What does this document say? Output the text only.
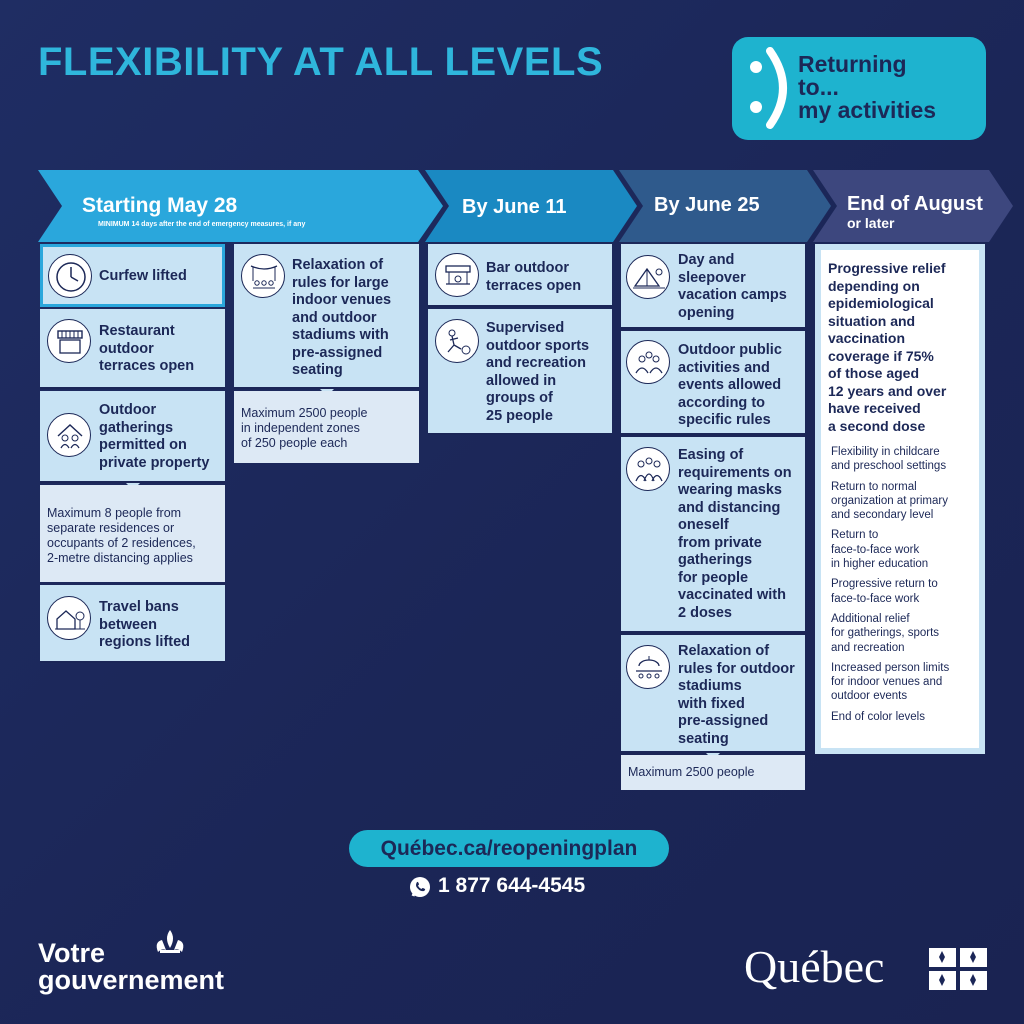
FLEXIBILITY AT ALL LEVELS	Returning
to...
my activities
Starting May 28
MINIMUM 14 days after the end of emergency measures, if any
By June 11	By June 25	End of August
or later
Curfew lifted
Restaurant
outdoor
terraces open
Outdoor
gatherings
permitted on
private property
Maximum 8 people from
separate residences or
occupants of 2 residences,
2-metre distancing applies
Travel bans
between
regions lifted
Relaxation of
rules for large
indoor venues
and outdoor
stadiums with
pre-assigned
seating
Maximum 2500 people
in independent zones
of 250 people each
Bar outdoor
terraces open
Supervised
outdoor sports
and recreation
allowed in
groups of
25 people
Day and
sleepover
vacation camps
opening
Outdoor public
activities and
events allowed
according to
specific rules
Easing of
requirements on
wearing masks
and distancing
oneself
from private
gatherings
for people
vaccinated with
2 doses
Relaxation of
rules for outdoor
stadiums
with fixed
pre-assigned
seating
Maximum 2500 people
Progressive relief
depending on
epidemiological
situation and
vaccination
coverage if 75%
of those aged
12 years and over
have received
a second dose
Flexibility in childcare
and preschool settings
Return to normal
organization at primary
and secondary level
Return to
face-to-face work
in higher education
Progressive return to
face-to-face work
Additional relief
for gatherings, sports
and recreation
Increased person limits
for indoor venues and
outdoor events
End of color levels
Québec.ca/reopeningplan
1 877 644-4545
Votre
gouvernement	Québec
